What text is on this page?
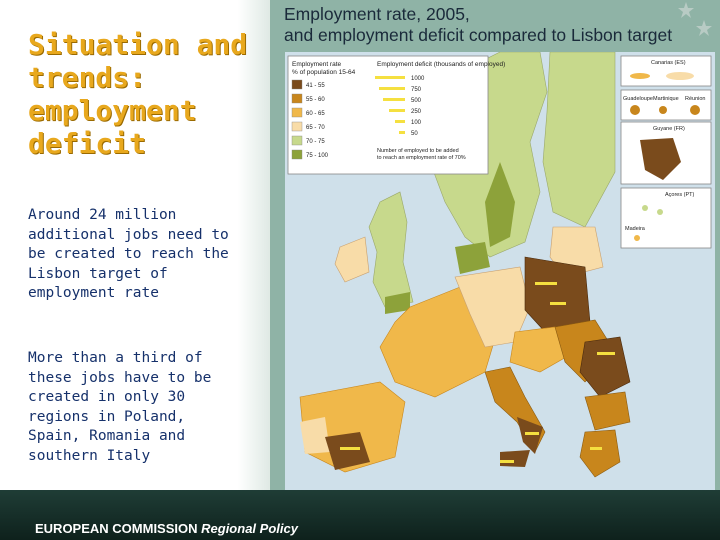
Situation and trends: employment deficit

Around 24 million additional jobs need to be created to reach the Lisbon target of employment rate

More than a third of these jobs have to be created in only 30 regions in Poland, Spain, Romania and southern Italy

Employment rate, 2005,
and employment deficit compared to Lisbon target
Employment rate
% of population 15-64
41 - 55
55 - 60
60 - 65
65 - 70
70 - 75
75 - 100
Employment deficit (thousands of employed)
1000
750
500
250
100
50
Number of employed to be added
to reach an employment rate of 70%
Canarias (ES)
Guadeloupe Martinique Réunion
Guyane (FR)
Açores (PT)
Madeira
EUROPEAN COMMISSION Regional Policy
